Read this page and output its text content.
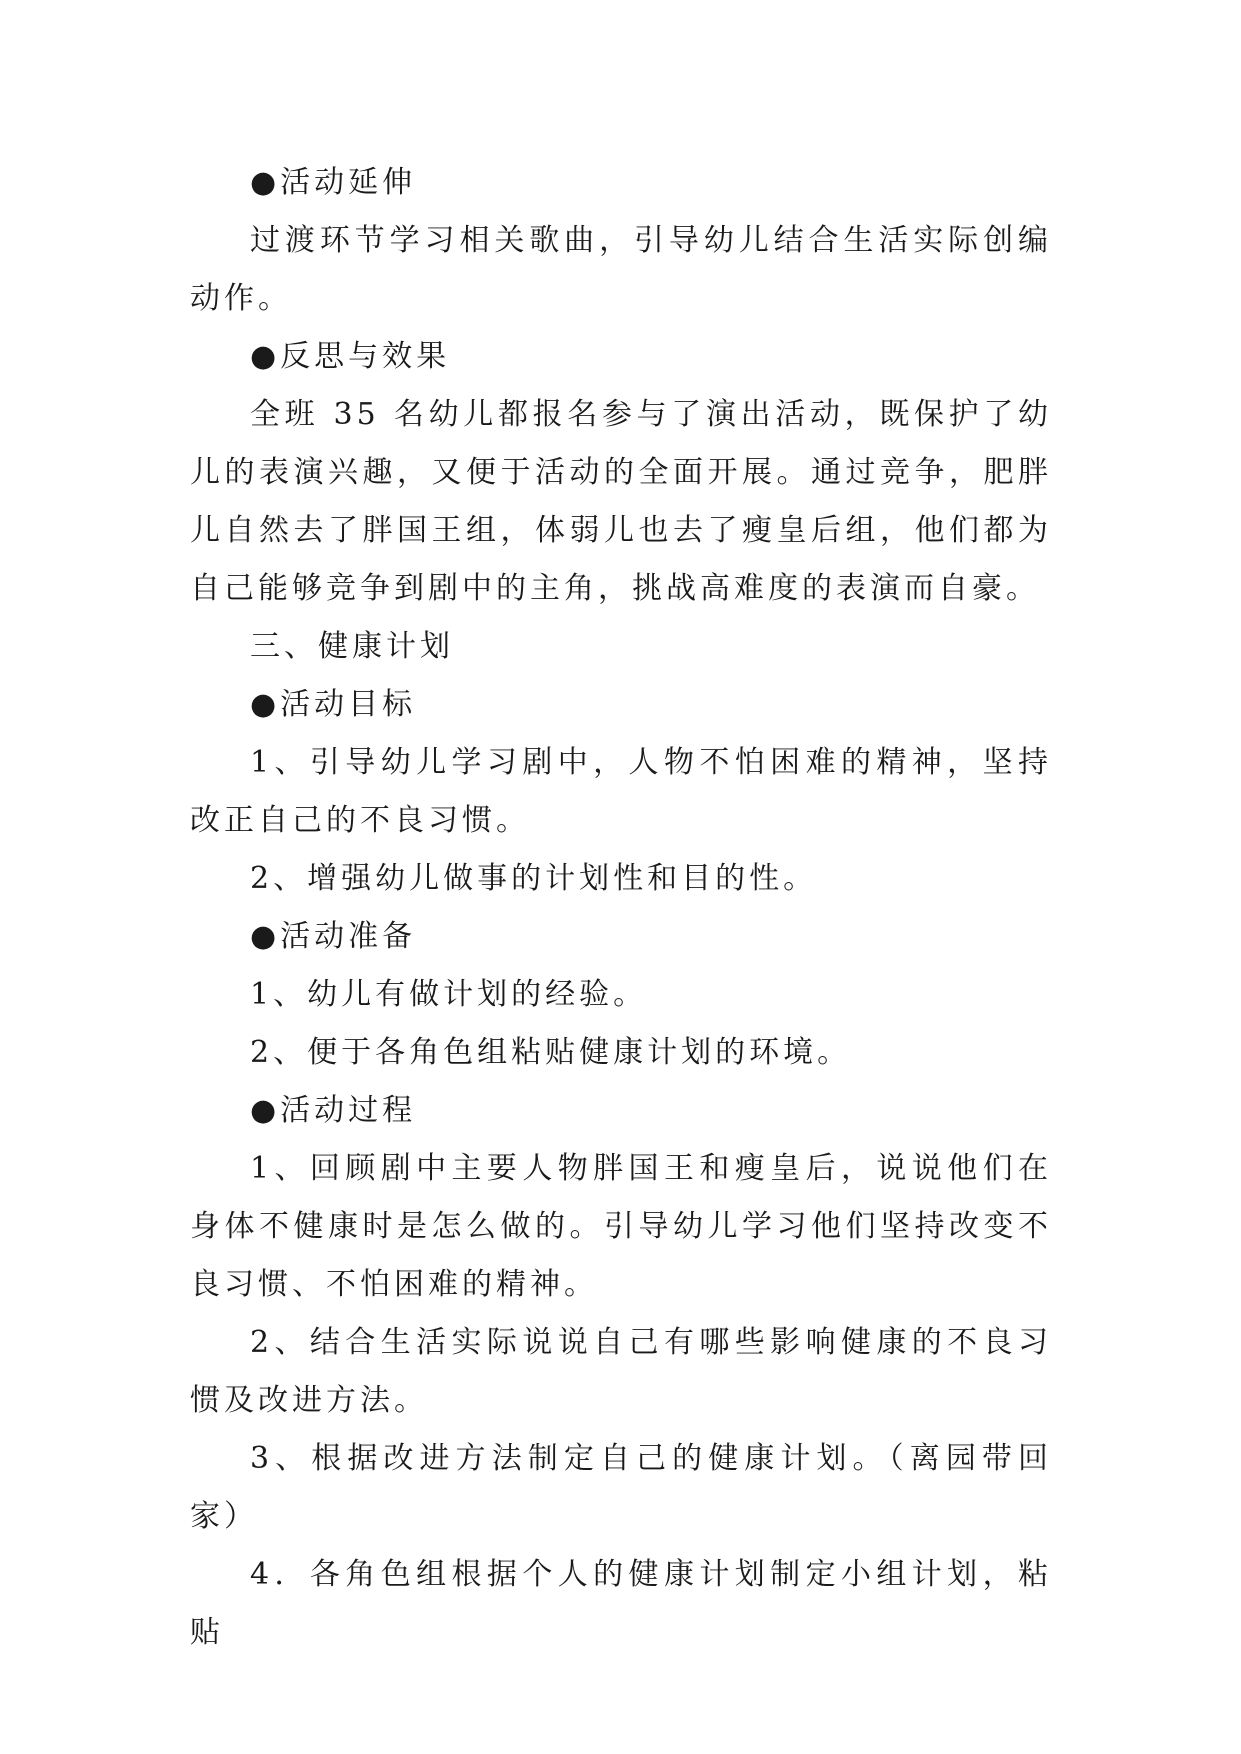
●活动延伸

过渡环节学习相关歌曲，引导幼儿结合生活实际创编动作。

●反思与效果

全班 35 名幼儿都报名参与了演出活动，既保护了幼儿的表演兴趣，又便于活动的全面开展。通过竞争，肥胖儿自然去了胖国王组，体弱儿也去了瘦皇后组，他们都为自己能够竞争到剧中的主角，挑战高难度的表演而自豪。

三、健康计划

●活动目标

1、引导幼儿学习剧中，人物不怕困难的精神，坚持改正自己的不良习惯。

2、增强幼儿做事的计划性和目的性。

●活动准备

1、幼儿有做计划的经验。

2、便于各角色组粘贴健康计划的环境。

●活动过程

1、回顾剧中主要人物胖国王和瘦皇后，说说他们在身体不健康时是怎么做的。引导幼儿学习他们坚持改变不良习惯、不怕困难的精神。

2、结合生活实际说说自己有哪些影响健康的不良习惯及改进方法。

3、根据改进方法制定自己的健康计划。（离园带回家）

4．各角色组根据个人的健康计划制定小组计划，粘贴
